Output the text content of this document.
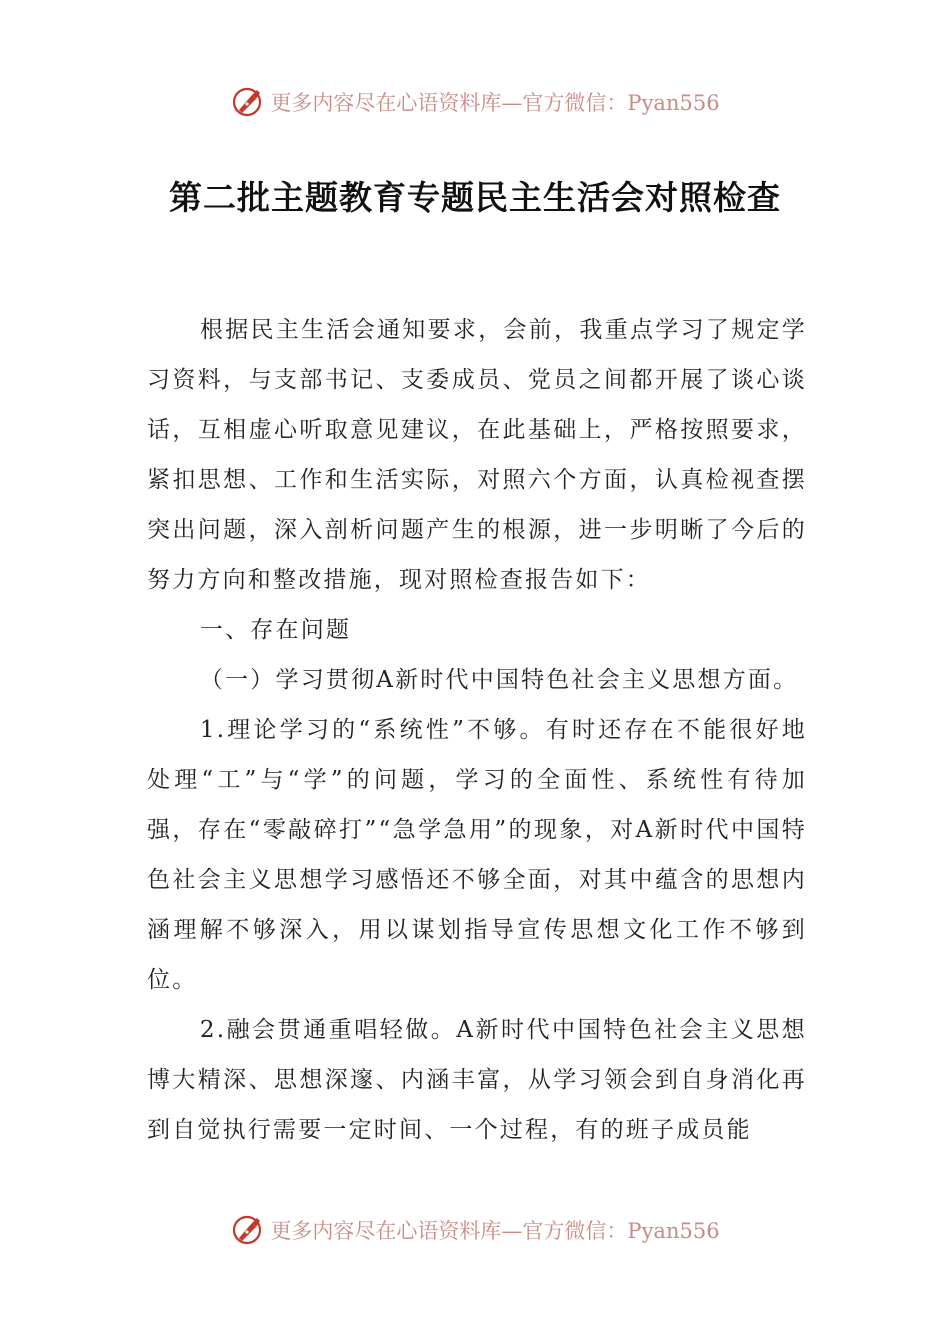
更多内容尽在心语资料库—官方微信：Pyan556
第二批主题教育专题民主生活会对照检查

根据民主生活会通知要求，会前，我重点学习了规定学习资料，与支部书记、支委成员、党员之间都开展了谈心谈话，互相虚心听取意见建议，在此基础上，严格按照要求，紧扣思想、工作和生活实际，对照六个方面，认真检视查摆突出问题，深入剖析问题产生的根源，进一步明晰了今后的努力方向和整改措施，现对照检查报告如下：

一、存在问题

（一）学习贯彻A新时代中国特色社会主义思想方面。

1.理论学习的“系统性”不够。有时还存在不能很好地处理“工”与“学”的问题，学习的全面性、系统性有待加强，存在“零敲碎打”“急学急用”的现象，对A新时代中国特色社会主义思想学习感悟还不够全面，对其中蕴含的思想内涵理解不够深入，用以谋划指导宣传思想文化工作不够到位。

2.融会贯通重唱轻做。A新时代中国特色社会主义思想博大精深、思想深邃、内涵丰富，从学习领会到自身消化再到自觉执行需要一定时间、一个过程，有的班子成员能

更多内容尽在心语资料库—官方微信：Pyan556
